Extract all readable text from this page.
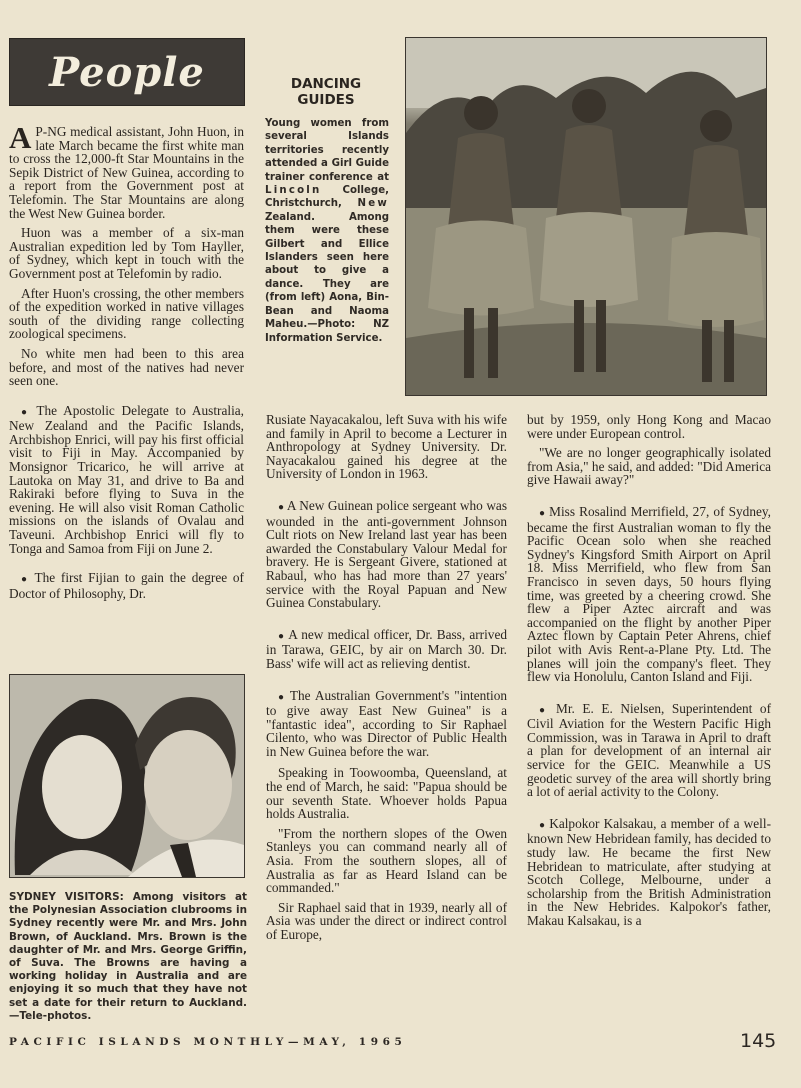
People	DANCING GUIDES
Young women from several Islands territories recently attended a Girl Guide trainer conference at Lincoln College, Christchurch, New Zealand. Among them were these Gilbert and Ellice Islanders seen here about to give a dance. They are (from left) Aona, Bin-Bean and Naoma Maheu.—Photo: NZ Information Service.

A P-NG medical assistant, John Huon, in late March became the first white man to cross the 12,000-ft Star Mountains in the Sepik District of New Guinea, according to a report from the Government post at Telefomin. The Star Mountains are along the West New Guinea border.

Huon was a member of a six-man Australian expedition led by Tom Hayller, of Sydney, which kept in touch with the Government post at Telefomin by radio.

After Huon's crossing, the other members of the expedition worked in native villages south of the dividing range collecting zoological specimens.

No white men had been to this area before, and most of the natives had never seen one.

● The Apostolic Delegate to Australia, New Zealand and the Pacific Islands, Archbishop Enrici, will pay his first official visit to Fiji in May. Accompanied by Monsignor Tricarico, he will arrive at Lautoka on May 31, and drive to Ba and Rakiraki before flying to Suva in the evening. He will also visit Roman Catholic missions on the islands of Ovalau and Taveuni. Archbishop Enrici will fly to Tonga and Samoa from Fiji on June 2.

● The first Fijian to gain the degree of Doctor of Philosophy, Dr.

SYDNEY VISITORS: Among visitors at the Polynesian Association clubrooms in Sydney recently were Mr. and Mrs. John Brown, of Auckland. Mrs. Brown is the daughter of Mr. and Mrs. George Griffin, of Suva. The Browns are having a working holiday in Australia and are enjoying it so much that they have not set a date for their return to Auckland.—Tele-photos.

Rusiate Nayacakalou, left Suva with his wife and family in April to become a Lecturer in Anthropology at Sydney University. Dr. Nayacakalou gained his degree at the University of London in 1963.

● A New Guinean police sergeant who was wounded in the anti-government Johnson Cult riots on New Ireland last year has been awarded the Constabulary Valour Medal for bravery. He is Sergeant Givere, stationed at Rabaul, who has had more than 27 years' service with the Royal Papuan and New Guinea Constabulary.

● A new medical officer, Dr. Bass, arrived in Tarawa, GEIC, by air on March 30. Dr. Bass' wife will act as relieving dentist.

● The Australian Government's "intention to give away East New Guinea" is a "fantastic idea", according to Sir Raphael Cilento, who was Director of Public Health in New Guinea before the war.

Speaking in Toowoomba, Queensland, at the end of March, he said: "Papua should be our seventh State. Whoever holds Papua holds Australia.

"From the northern slopes of the Owen Stanleys you can command nearly all of Asia. From the southern slopes, all of Australia as far as Heard Island can be commanded."

Sir Raphael said that in 1939, nearly all of Asia was under the direct or indirect control of Europe,

but by 1959, only Hong Kong and Macao were under European control.

"We are no longer geographically isolated from Asia," he said, and added: "Did America give Hawaii away?"

● Miss Rosalind Merrifield, 27, of Sydney, became the first Australian woman to fly the Pacific Ocean solo when she reached Sydney's Kingsford Smith Airport on April 18. Miss Merrifield, who flew from San Francisco in seven days, 50 hours flying time, was greeted by a cheering crowd. She flew a Piper Aztec aircraft and was accompanied on the flight by another Piper Aztec flown by Captain Peter Ahrens, chief pilot with Avis Rent-a-Plane Pty. Ltd. The planes will join the company's fleet. They flew via Honolulu, Canton Island and Fiji.

● Mr. E. E. Nielsen, Superintendent of Civil Aviation for the Western Pacific High Commission, was in Tarawa in April to draft a plan for development of an internal air service for the GEIC. Meanwhile a US geodetic survey of the area will shortly bring a lot of aerial activity to the Colony.

● Kalpokor Kalsakau, a member of a well-known New Hebridean family, has decided to study law. He became the first New Hebridean to matriculate, after studying at Scotch College, Melbourne, under a scholarship from the British Administration in the New Hebrides. Kalpokor's father, Makau Kalsakau, is a

PACIFIC ISLANDS MONTHLY—MAY, 1965	145
